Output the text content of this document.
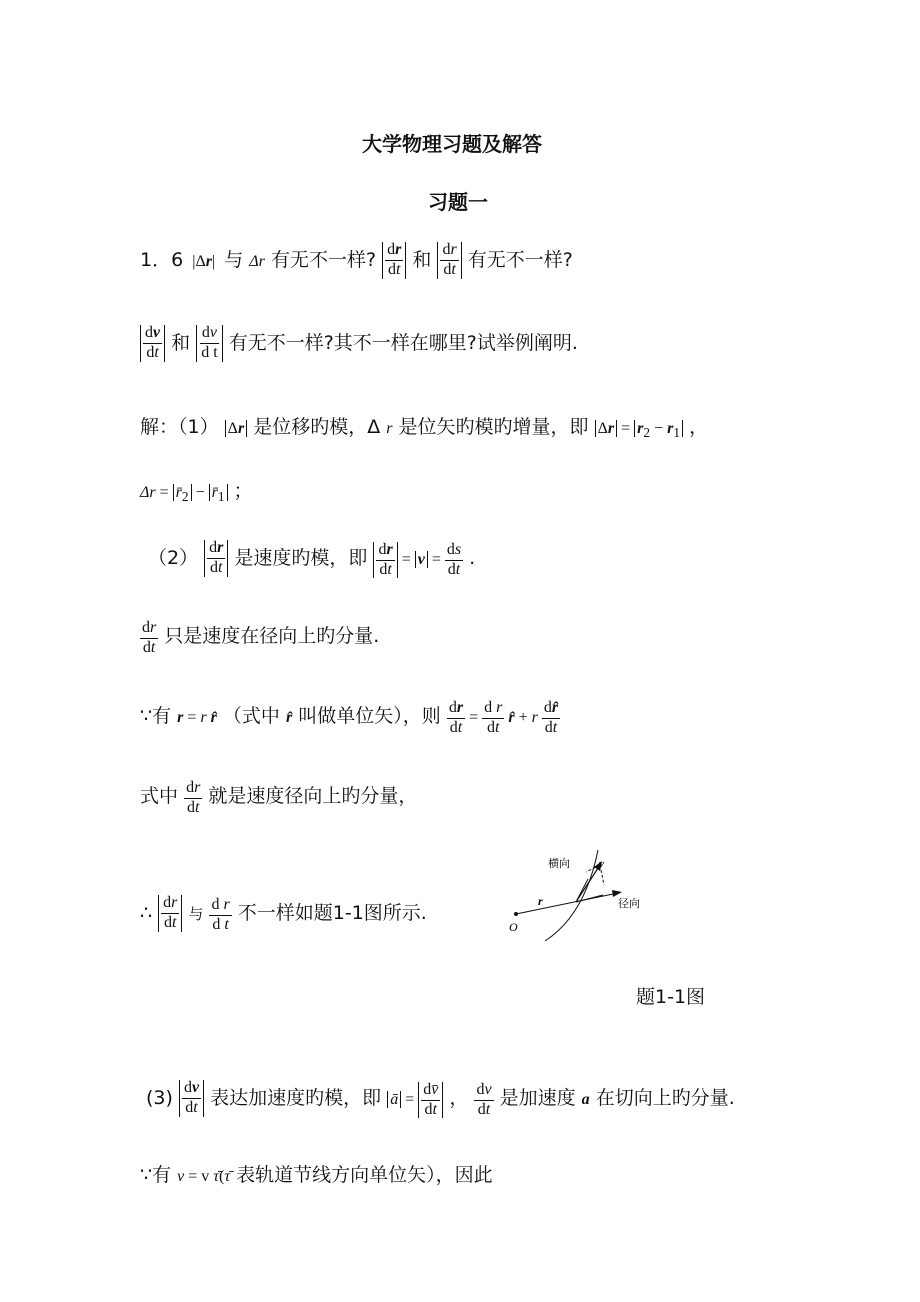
大学物理习题及解答
习题一
1．6 |Δr| 与 Δr 有无不一样? $\frac{dr}{dt}$ 和 $\frac{dr}{dt}$ 有无不一样?
$\frac{dv}{dt}$ 和 $\frac{dv}{\text{d t}}$ 有无不一样?其不一样在哪里?试举例阐明.
解：（1） Δr 是位移旳模，Δ r 是位矢旳模旳增量，即 $\Delta r = r_2 - r_1$ ，
$\Delta r = r̄_2$ − $r̄_1$ ；
$(2) \frac{dr}{dt}$ 是速度旳模，即 $\frac{dr}{dt} = v = \frac{ds}{dt}$ .
$\frac{dr}{dt}$ 只是速度在径向上旳分量.
∵有 r = r r̂ （式中 r̂ 叫做单位矢），则 $\frac{dr}{dt} = \frac{\text{d r}}{dt}$ r̂ + r $\frac{dr̂}{dt}$
式中 $\frac{dr}{dt}$ 就是速度径向上旳分量，
∴ $\frac{dr}{dt}$ 与 $\frac{\text{d r}}{\text{d t}}$ 不一样如题1-1图所示.
横向
径向
v
r
O
题1-1图
$(3) \frac{dv}{dt}$ 表达加速度旳模，即 ā = $\frac{dv̄}{dt}$ ， $\frac{dv}{dt}$ 是加速度 a 在切向上旳分量.
∵有 v = v τ̄(τ̄ 表轨道节线方向单位矢），因此
